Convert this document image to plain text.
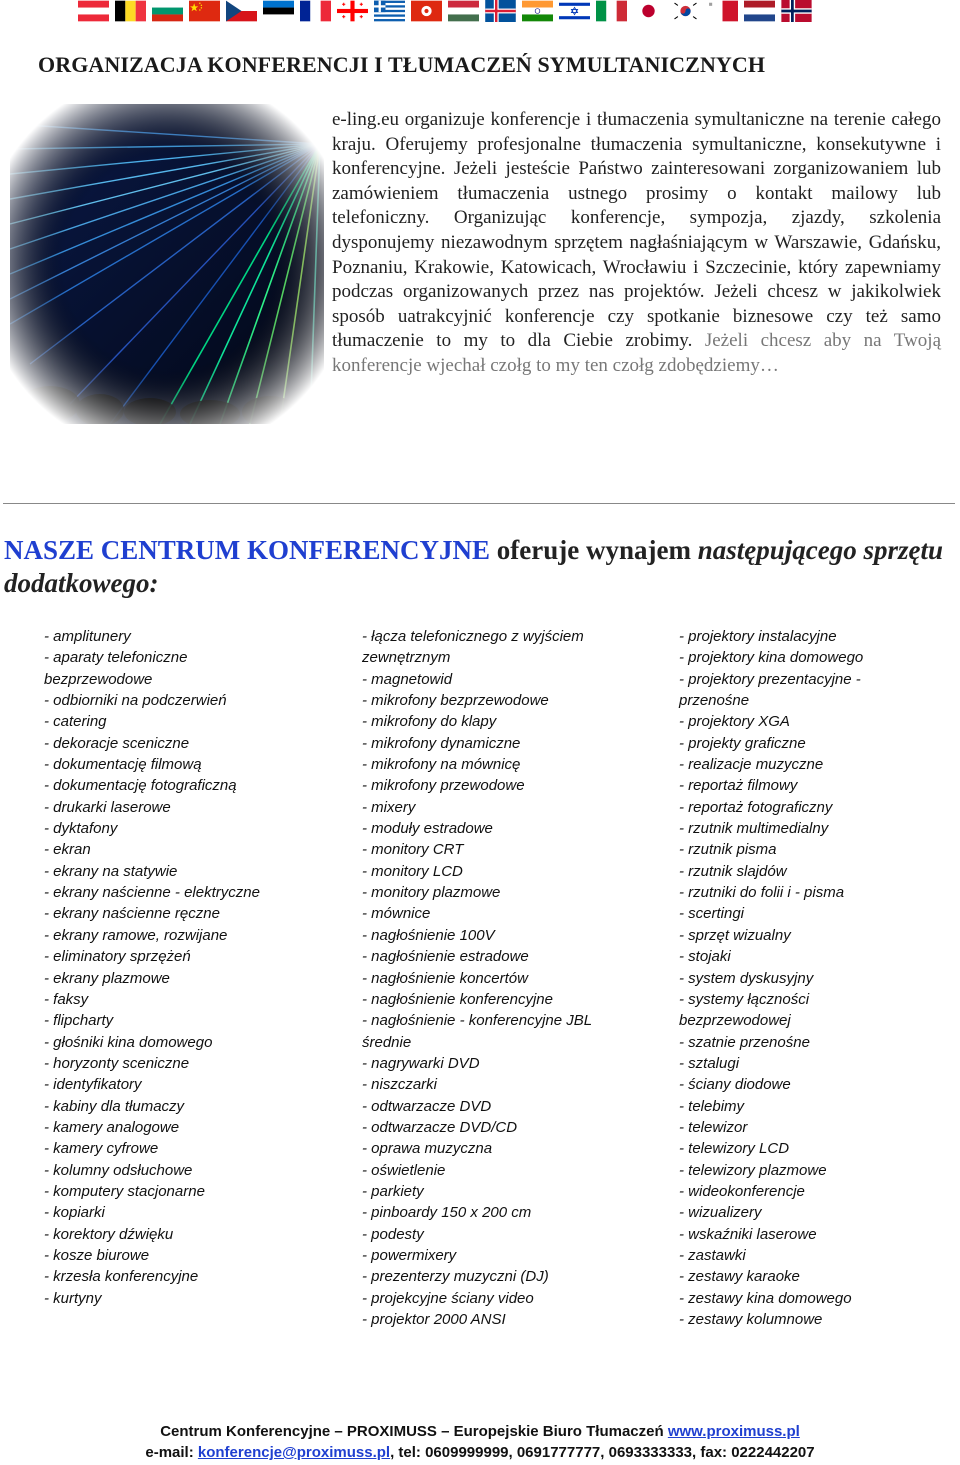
ORGANIZACJA KONFERENCJI I TŁUMACZEŃ SYMULTANICZNYCH

e-ling.eu organizuje konferencje i tłumaczenia symultaniczne na terenie całego kraju. Oferujemy profesjonalne tłumaczenia symultaniczne, konsekutywne i konferencyjne. Jeżeli jesteście Państwo zainteresowani zorganizowaniem lub zamówieniem tłumaczenia ustnego prosimy o kontakt mailowy lub telefoniczny. Organizując konferencje, sympozja, zjazdy, szkolenia dysponujemy niezawodnym sprzętem nagłaśniającym w Warszawie, Gdańsku, Poznaniu, Krakowie, Katowicach, Wrocławiu i Szczecinie, który zapewniamy podczas organizowanych przez nas projektów. Jeżeli chcesz w jakikolwiek sposób uatrakcyjnić konferencje czy spotkanie biznesowe czy też samo tłumaczenie to my to dla Ciebie zrobimy. Jeżeli chcesz aby na Twoją konferencje wjechał czołg to my ten czołg zdobędziemy…

NASZE CENTRUM KONFERENCYJNE oferuje wynajem następującego sprzętu dodatkowego:
- amplitunery
- aparaty telefoniczne
bezprzewodowe
- odbiorniki na podczerwień
- catering
- dekoracje sceniczne
- dokumentację filmową
- dokumentację fotograficzną
- drukarki laserowe
- dyktafony
- ekran
- ekrany na statywie
- ekrany naścienne - elektryczne
- ekrany naścienne ręczne
- ekrany ramowe, rozwijane
- eliminatory sprzężeń
- ekrany plazmowe
- faksy
- flipcharty
- głośniki kina domowego
- horyzonty sceniczne
- identyfikatory
- kabiny dla tłumaczy
- kamery analogowe
- kamery cyfrowe
- kolumny odsłuchowe
- komputery stacjonarne
- kopiarki
- korektory dźwięku
- kosze biurowe
- krzesła konferencyjne
- kurtyny
- łącza telefonicznego z wyjściem
zewnętrznym
- magnetowid
- mikrofony bezprzewodowe
- mikrofony do klapy
- mikrofony dynamiczne
- mikrofony na mównicę
- mikrofony przewodowe
- mixery
- moduły estradowe
- monitory CRT
- monitory LCD
- monitory plazmowe
- mównice
- nagłośnienie 100V
- nagłośnienie estradowe
- nagłośnienie koncertów
- nagłośnienie konferencyjne
- nagłośnienie - konferencyjne JBL
średnie
- nagrywarki DVD
- niszczarki
- odtwarzacze DVD
- odtwarzacze DVD/CD
- oprawa muzyczna
- oświetlenie
- parkiety
- pinboardy 150 x 200 cm
- podesty
- powermixery
- prezenterzy muzyczni (DJ)
- projekcyjne ściany video
- projektor 2000 ANSI
- projektory instalacyjne
- projektory kina domowego
- projektory prezentacyjne -
przenośne
- projektory XGA
- projekty graficzne
- realizacje muzyczne
- reportaż filmowy
- reportaż fotograficzny
- rzutnik multimedialny
- rzutnik pisma
- rzutnik slajdów
- rzutniki do folii i - pisma
- scertingi
- sprzęt wizualny
- stojaki
- system dyskusyjny
- systemy łączności
bezprzewodowej
- szatnie przenośne
- sztalugi
- ściany diodowe
- telebimy
- telewizor
- telewizory LCD
- telewizory plazmowe
- wideokonferencje
- wizualizery
- wskaźniki laserowe
- zastawki
- zestawy karaoke
- zestawy kina domowego
- zestawy kolumnowe
Centrum Konferencyjne – PROXIMUSS – Europejskie Biuro Tłumaczeń www.proximuss.pl
e-mail: konferencje@proximuss.pl, tel: 0609999999, 0691777777, 0693333333, fax: 0222442207
